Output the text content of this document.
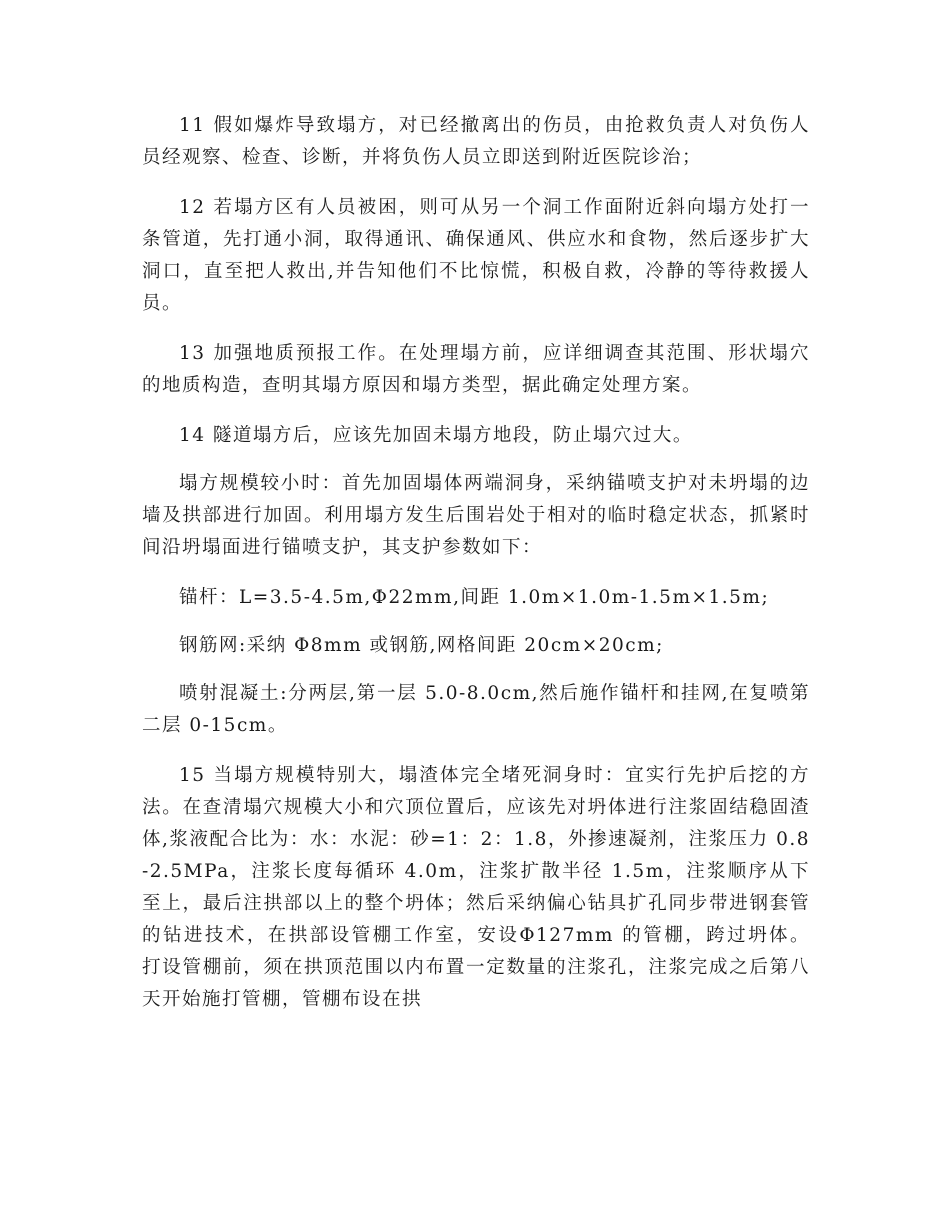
11 假如爆炸导致塌方，对已经撤离出的伤员，由抢救负责人对负伤人员经观察、检查、诊断，并将负伤人员立即送到附近医院诊治；

12 若塌方区有人员被困，则可从另一个洞工作面附近斜向塌方处打一条管道，先打通小洞，取得通讯、确保通风、供应水和食物，然后逐步扩大洞口，直至把人救出,并告知他们不比惊慌，积极自救，冷静的等待救援人员。

13 加强地质预报工作。在处理塌方前，应详细调查其范围、形状塌穴的地质构造，查明其塌方原因和塌方类型，据此确定处理方案。

14 隧道塌方后，应该先加固未塌方地段，防止塌穴过大。

塌方规模较小时：首先加固塌体两端洞身，采纳锚喷支护对未坍塌的边墙及拱部进行加固。利用塌方发生后围岩处于相对的临时稳定状态，抓紧时间沿坍塌面进行锚喷支护，其支护参数如下：

锚杆：L=3.5-4.5m,Φ22mm,间距 1.0m×1.0m-1.5m×1.5m;

钢筋网:采纳 Φ8mm 或钢筋,网格间距 20cm×20cm;

喷射混凝土:分两层,第一层 5.0-8.0cm,然后施作锚杆和挂网,在复喷第二层 0-15cm。

15 当塌方规模特别大，塌渣体完全堵死洞身时：宜实行先护后挖的方法。在查清塌穴规模大小和穴顶位置后，应该先对坍体进行注浆固结稳固渣体,浆液配合比为：水：水泥：砂=1：2：1.8，外掺速凝剂，注浆压力 0.8-2.5MPa，注浆长度每循环 4.0m，注浆扩散半径 1.5m，注浆顺序从下至上，最后注拱部以上的整个坍体；然后采纳偏心钻具扩孔同步带进钢套管的钻进技术，在拱部设管棚工作室，安设Φ127mm 的管棚，跨过坍体。 打设管棚前，须在拱顶范围以内布置一定数量的注浆孔，注浆完成之后第八天开始施打管棚，管棚布设在拱
